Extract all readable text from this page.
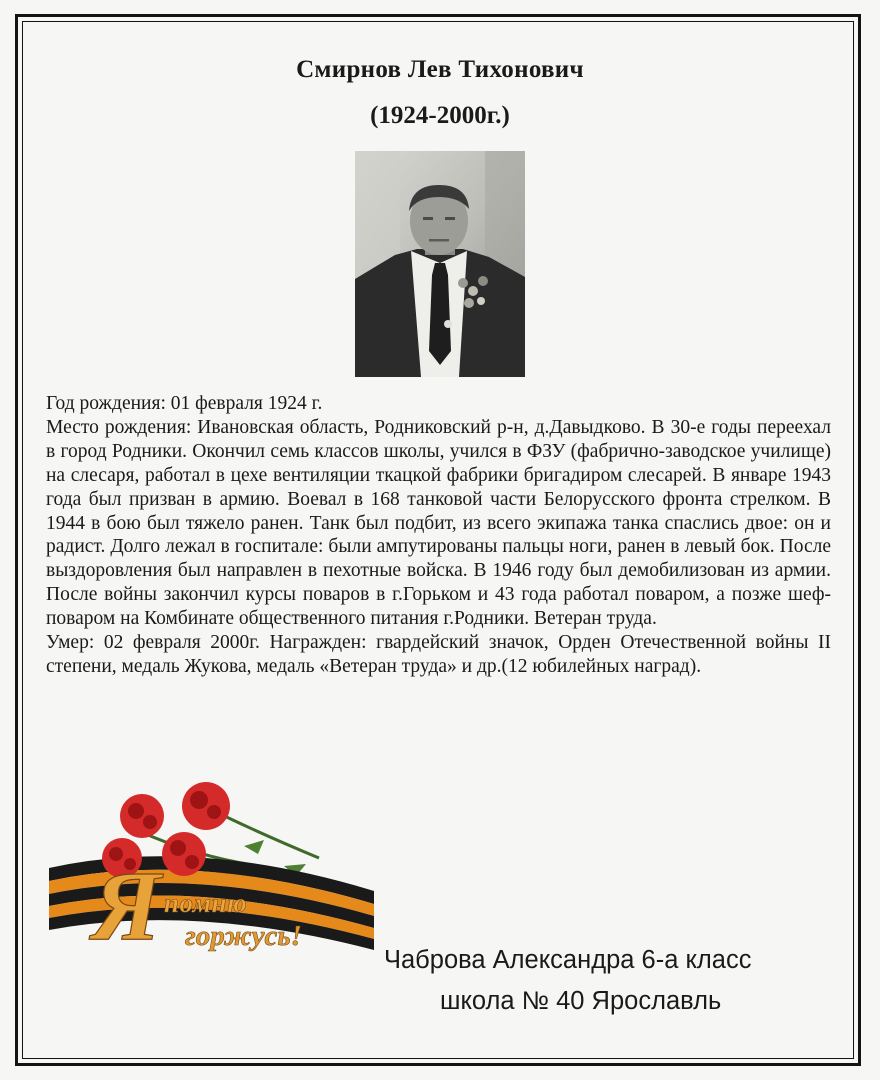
Смирнов Лев Тихонович
(1924-2000г.)

Год рождения: 01 февраля 1924 г.

Место рождения: Ивановская область, Родниковский р-н, д.Давыдково. В 30-е годы переехал в город Родники. Окончил семь классов школы, учился в ФЗУ (фабрично-заводское училище) на слесаря, работал в цехе вентиляции ткацкой фабрики бригадиром слесарей. В январе 1943 года был призван в армию. Воевал в 168 танковой части Белорусского фронта стрелком. В 1944 в бою был тяжело ранен. Танк был подбит, из всего экипажа танка спаслись двое: он и радист. Долго лежал в госпитале: были ампутированы пальцы ноги, ранен в левый бок. После выздоровления был направлен в пехотные войска. В 1946 году был демобилизован из армии. После войны закончил курсы поваров в г.Горьком и 43 года работал поваром, а позже шеф-поваром на Комбинате общественного питания г.Родники. Ветеран труда.

Умер: 02 февраля 2000г. Награжден: гвардейский значок, Орден Отечественной войны II степени, медаль Жукова, медаль «Ветеран труда» и др.(12 юбилейных наград).

Я помню
горжусь!
Чаброва Александра 6-а класс
школа № 40 Ярославль
